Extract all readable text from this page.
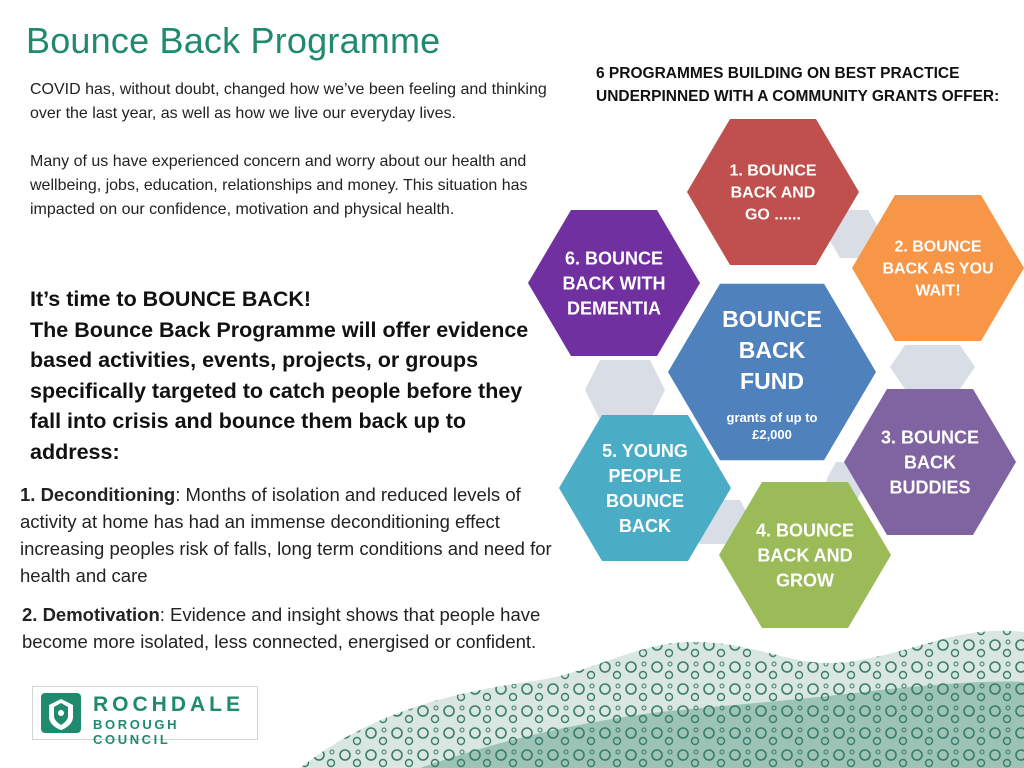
Bounce Back Programme

COVID has, without doubt, changed how we’ve been feeling and thinking over the last year, as well as how we live our everyday lives.

Many of us have experienced concern and worry about our health and wellbeing, jobs, education, relationships and money. This situation has impacted on our confidence, motivation and physical health.

It’s time to BOUNCE BACK!
The Bounce Back Programme will offer evidence based activities, events, projects, or groups specifically targeted to catch people before they fall into crisis and bounce them back up to address:
1. Deconditioning: Months of isolation and reduced levels of activity at home has had an immense deconditioning effect increasing peoples risk of falls, long term conditions and need for health and care
2. Demotivation: Evidence and insight shows that people have become more isolated, less connected, energised or confident.
6 PROGRAMMES BUILDING ON BEST PRACTICE UNDERPINNED WITH A COMMUNITY GRANTS OFFER:
1. BOUNCE
BACK AND
GO ......
2. BOUNCE
BACK AS YOU
WAIT!
3. BOUNCE
BACK
BUDDIES
4. BOUNCE
BACK AND
GROW
5. YOUNG
PEOPLE
BOUNCE
BACK
6. BOUNCE
BACK WITH
DEMENTIA	BOUNCE
BACK
FUND
grants of up to
£2,000
ROCHDALE
BOROUGH COUNCIL
